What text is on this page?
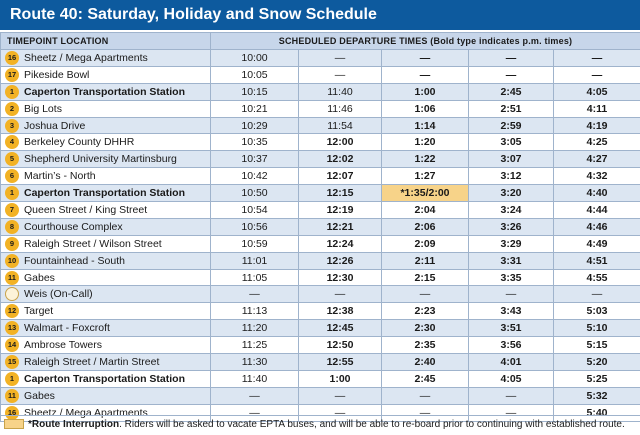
Route 40: Saturday, Holiday and Snow Schedule
TIMEPOINT LOCATION	SCHEDULED DEPARTURE TIMES (Bold type indicates p.m. times)				
16 Sheetz / Mega Apartments	10:00	—	—	—	—
17 Pikeside Bowl	10:05	—	—	—	—
1 Caperton Transportation Station	10:15	11:40	1:00	2:45	4:05
2 Big Lots	10:21	11:46	1:06	2:51	4:11
3 Joshua Drive	10:29	11:54	1:14	2:59	4:19
4 Berkeley County DHHR	10:35	12:00	1:20	3:05	4:25
5 Shepherd University Martinsburg	10:37	12:02	1:22	3:07	4:27
6 Martin’s - North	10:42	12:07	1:27	3:12	4:32
1 Caperton Transportation Station	10:50	12:15	*1:35/2:00	3:20	4:40
7 Queen Street / King Street	10:54	12:19	2:04	3:24	4:44
8 Courthouse Complex	10:56	12:21	2:06	3:26	4:46
9 Raleigh Street / Wilson Street	10:59	12:24	2:09	3:29	4:49
10 Fountainhead - South	11:01	12:26	2:11	3:31	4:51
11 Gabes	11:05	12:30	2:15	3:35	4:55
Weis (On-Call)	—	—	—	—	—
12 Target	11:13	12:38	2:23	3:43	5:03
13 Walmart - Foxcroft	11:20	12:45	2:30	3:51	5:10
14 Ambrose Towers	11:25	12:50	2:35	3:56	5:15
15 Raleigh Street / Martin Street	11:30	12:55	2:40	4:01	5:20
1 Caperton Transportation Station	11:40	1:00	2:45	4:05	5:25
11 Gabes	—	—	—	—	5:32
16 Sheetz / Mega Apartments	—	—	—	—	5:40
*Route Interruption. Riders will be asked to vacate EPTA buses, and will be able to re-board prior to continuing with established route.
